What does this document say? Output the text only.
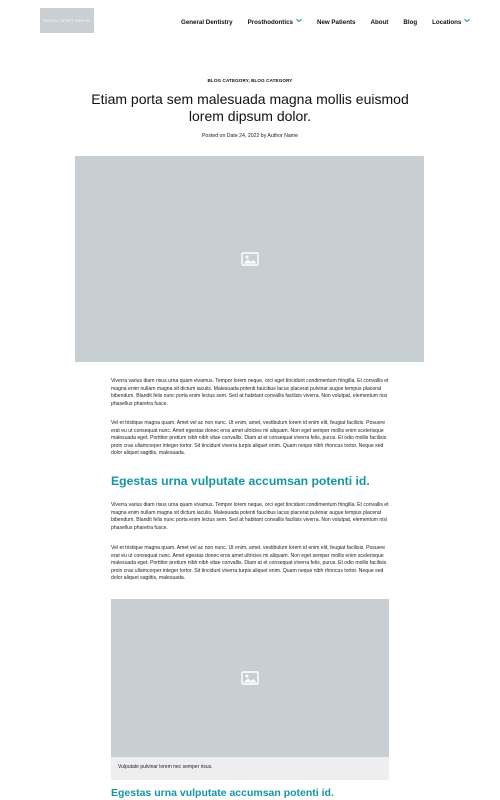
PACIFIC SPIRIT DENTAL	General Dentistry Prosthodontics	New Patients About Blog Locations
BLOG CATEGORY, BLOG CATEGORY
Etiam porta sem malesuada magna mollis euismod lorem dipsum dolor.
Posted on Date 24, 2022 by Author Name

Viverra varius diam risus urna quam vivamus. Tempor lorem neque, orci eget tincidunt condimentum fringilla. Et convallis et magna enim nullam magna sit dictum iaculis. Malesuada potenti faucibus lacus placerat pulvinar augue tempus placerat bibendum. Blandit felis nunc porta enim lectus sem. Sed at habitant convallis facilisis viverra. Non volutpat, elementum nisi phasellus pharetra fusce.

Vel et tristique magna quam. Amet vel ac non nunc. Ut enim, amet, vestibulum lorem id enim elit, feugiat facilisis. Posuere erat eu ut consequat nunc. Amet egestas donec eros amet ultricies mi aliquam. Non eget semper mollis enim scelerisque malesuada eget. Porttitor pretium nibh nibh vitae convallis. Diam at et consequat viverra felis, purus. Et odio mollis facilisis proin cras ullamcorper integer tortor. Sit tincidunt viverra turpis aliquet enim. Quam neque nibh rhoncus tortor. Neque sed dolor aliquet sagittis, malesuada.

Egestas urna vulputate accumsan potenti id.

Viverra varius diam risus urna quam vivamus. Tempor lorem neque, orci eget tincidunt condimentum fringilla. Et convallis et magna enim nullam magna sit dictum iaculis. Malesuada potenti faucibus lacus placerat pulvinar augue tempus placerat bibendum. Blandit felis nunc porta enim lectus sem. Sed at habitant convallis facilisis viverra. Non volutpat, elementum nisi phasellus pharetra fusce.

Vel et tristique magna quam. Amet vel ac non nunc. Ut enim, amet, vestibulum lorem id enim elit, feugiat facilisis. Posuere erat eu ut consequat nunc. Amet egestas donec eros amet ultricies mi aliquam. Non eget semper mollis enim scelerisque malesuada eget. Porttitor pretium nibh nibh vitae convallis. Diam at et consequat viverra felis, purus. Et odio mollis facilisis proin cras ullamcorper integer tortor. Sit tincidunt viverra turpis aliquet enim. Quam neque nibh rhoncus tortor. Neque sed dolor aliquet sagittis, malesuada.

Vulputate pulvinar lorem nec semper risus.
Egestas urna vulputate accumsan potenti id.
